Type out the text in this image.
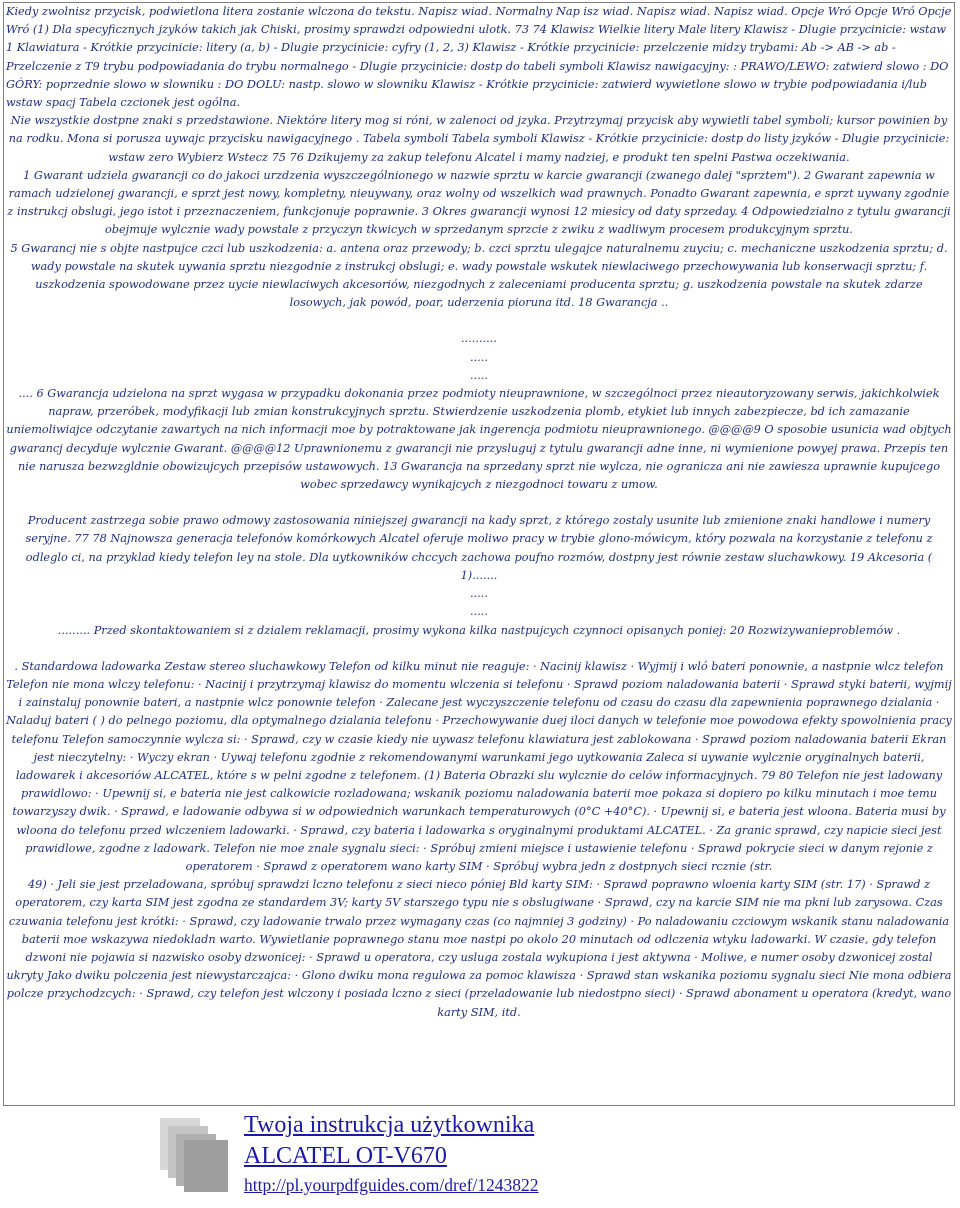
Kiedy zwolnisz przycisk, podwietlona litera zostanie wlczona do tekstu. Napisz wiad. Normalny Nap isz wiad. Napisz wiad. Napisz wiad. Opcje Wró Opcje Wró Opcje Wró (1) Dla specyficznych jzyków takich jak Chiski, prosimy sprawdzi odpowiedni ulotk. 73 74 Klawisz Wielkie litery Male litery Klawisz - Dlugie przycinicie: wstaw 1 Klawiatura - Krótkie przycinicie: litery (a, b) - Dlugie przycinicie: cyfry (1, 2, 3) Klawisz - Krótkie przycinicie: przelczenie midzy trybami: Ab -> AB -> ab - Przelczenie z T9 trybu podpowiadania do trybu normalnego - Dlugie przycinicie: dostp do tabeli symboli Klawisz nawigacyjny: : PRAWO/LEWO: zatwierd slowo : DO GÓRY: poprzednie slowo w slowniku : DO DOLU: nastp. slowo w slowniku Klawisz - Krótkie przycinicie: zatwierd wywietlone slowo w trybie podpowiadania i/lub wstaw spacj Tabela czcionek jest ogólna.

Nie wszystkie dostpne znaki s przedstawione. Niektóre litery mog si róni, w zalenoci od jzyka. Przytrzymaj przycisk aby wywietli tabel symboli; kursor powinien by na rodku. Mona si porusza uywajc przycisku nawigacyjnego . Tabela symboli Tabela symboli Klawisz - Krótkie przycinicie: dostp do listy jzyków - Dlugie przycinicie: wstaw zero Wybierz Wstecz 75 76 Dzikujemy za zakup telefonu Alcatel i mamy nadziej, e produkt ten spelni Pastwa oczekiwania.

1 Gwarant udziela gwarancji co do jakoci urzdzenia wyszczególnionego w nazwie sprztu w karcie gwarancji (zwanego dalej "sprztem"). 2 Gwarant zapewnia w ramach udzielonej gwarancji, e sprzt jest nowy, kompletny, nieuywany, oraz wolny od wszelkich wad prawnych. Ponadto Gwarant zapewnia, e sprzt uywany zgodnie z instrukcj obslugi, jego istot i przeznaczeniem, funkcjonuje poprawnie. 3 Okres gwarancji wynosi 12 miesicy od daty sprzeday. 4 Odpowiedzialno z tytulu gwarancji obejmuje wylcznie wady powstale z przyczyn tkwicych w sprzedanym sprzcie z zwiku z wadliwym procesem produkcyjnym sprztu.

5 Gwarancj nie s objte nastpujce czci lub uszkodzenia: a. antena oraz przewody; b. czci sprztu ulegajce naturalnemu zuyciu; c. mechaniczne uszkodzenia sprztu; d. wady powstale na skutek uywania sprztu niezgodnie z instrukcj obslugi; e. wady powstale wskutek niewlaciwego przechowywania lub konserwacji sprztu; f. uszkodzenia spowodowane przez uycie niewlaciwych akcesoriów, niezgodnych z zaleceniami producenta sprztu; g. uszkodzenia powstale na skutek zdarze losowych, jak powód, poar, uderzenia pioruna itd. 18 Gwarancja ..

..........

.....

.....

.... 6 Gwarancja udzielona na sprzt wygasa w przypadku dokonania przez podmioty nieuprawnione, w szczególnoci przez nieautoryzowany serwis, jakichkolwiek napraw, przeróbek, modyfikacji lub zmian konstrukcyjnych sprztu. Stwierdzenie uszkodzenia plomb, etykiet lub innych zabezpiecze, bd ich zamazanie uniemoliwiajce odczytanie zawartych na nich informacji moe by potraktowane jak ingerencja podmiotu nieuprawnionego. @@@@9 O sposobie usunicia wad objtych gwarancj decyduje wylcznie Gwarant. @@@@12 Uprawnionemu z gwarancji nie przysluguj z tytulu gwarancji adne inne, ni wymienione powyej prawa. Przepis ten nie narusza bezwzgldnie obowizujcych przepisów ustawowych. 13 Gwarancja na sprzedany sprzt nie wylcza, nie ogranicza ani nie zawiesza uprawnie kupujcego wobec sprzedawcy wynikajcych z niezgodnoci towaru z umow.

Producent zastrzega sobie prawo odmowy zastosowania niniejszej gwarancji na kady sprzt, z którego zostaly usunite lub zmienione znaki handlowe i numery seryjne. 77 78 Najnowsza generacja telefonów komórkowych Alcatel oferuje moliwo pracy w trybie glono-mówicym, który pozwala na korzystanie z telefonu z odleglo ci, na przyklad kiedy telefon ley na stole. Dla uytkowników chccych zachowa poufno rozmów, dostpny jest równie zestaw sluchawkowy. 19 Akcesoria ( 1).......

.....

.....

......... Przed skontaktowaniem si z dzialem reklamacji, prosimy wykona kilka nastpujcych czynnoci opisanych poniej: 20 Rozwizywanieproblemów .

. Standardowa ladowarka Zestaw stereo sluchawkowy Telefon od kilku minut nie reaguje: · Nacinij klawisz · Wyjmij i wló bateri ponownie, a nastpnie wlcz telefon Telefon nie mona wlczy telefonu: · Nacinij i przytrzymaj klawisz do momentu wlczenia si telefonu · Sprawd poziom naladowania baterii · Sprawd styki baterii, wyjmij i zainstaluj ponownie bateri, a nastpnie wlcz ponownie telefon · Zalecane jest wyczyszczenie telefonu od czasu do czasu dla zapewnienia poprawnego dzialania · Naladuj bateri ( ) do pelnego poziomu, dla optymalnego dzialania telefonu · Przechowywanie duej iloci danych w telefonie moe powodowa efekty spowolnienia pracy telefonu Telefon samoczynnie wylcza si: · Sprawd, czy w czasie kiedy nie uywasz telefonu klawiatura jest zablokowana · Sprawd poziom naladowania baterii Ekran jest nieczytelny: · Wyczy ekran · Uywaj telefonu zgodnie z rekomendowanymi warunkami jego uytkowania Zaleca si uywanie wylcznie oryginalnych baterii, ladowarek i akcesoriów ALCATEL, które s w pelni zgodne z telefonem. (1) Bateria Obrazki slu wylcznie do celów informacyjnych. 79 80 Telefon nie jest ladowany prawidlowo: · Upewnij si, e bateria nie jest calkowicie rozladowana; wskanik poziomu naladowania baterii moe pokaza si dopiero po kilku minutach i moe temu towarzyszy dwik. · Sprawd, e ladowanie odbywa si w odpowiednich warunkach temperaturowych (0°C +40°C). · Upewnij si, e bateria jest wloona. Bateria musi by wloona do telefonu przed wlczeniem ladowarki. · Sprawd, czy bateria i ladowarka s oryginalnymi produktami ALCATEL. · Za granic sprawd, czy napicie sieci jest prawidlowe, zgodne z ladowark. Telefon nie moe znale sygnalu sieci: · Spróbuj zmieni miejsce i ustawienie telefonu · Sprawd pokrycie sieci w danym rejonie z operatorem · Sprawd z operatorem wano karty SIM · Spróbuj wybra jedn z dostpnych sieci rcznie (str.

49) · Jeli sie jest przeladowana, spróbuj sprawdzi lczno telefonu z sieci nieco póniej Bld karty SIM: · Sprawd poprawno wloenia karty SIM (str. 17) · Sprawd z operatorem, czy karta SIM jest zgodna ze standardem 3V; karty 5V starszego typu nie s obslugiwane · Sprawd, czy na karcie SIM nie ma pkni lub zarysowa. Czas czuwania telefonu jest krótki: · Sprawd, czy ladowanie trwalo przez wymagany czas (co najmniej 3 godziny) · Po naladowaniu czciowym wskanik stanu naladowania baterii moe wskazywa niedokladn warto. Wywietlanie poprawnego stanu moe nastpi po okolo 20 minutach od odlczenia wtyku ladowarki. W czasie, gdy telefon dzwoni nie pojawia si nazwisko osoby dzwonicej: · Sprawd u operatora, czy usluga zostala wykupiona i jest aktywna · Moliwe, e numer osoby dzwonicej zostal ukryty Jako dwiku polczenia jest niewystarczajca: · Glono dwiku mona regulowa za pomoc klawisza · Sprawd stan wskanika poziomu sygnalu sieci Nie mona odbiera polcze przychodzcych: · Sprawd, czy telefon jest wlczony i posiada lczno z sieci (przeladowanie lub niedostpno sieci) · Sprawd abonament u operatora (kredyt, wano karty SIM, itd.

Twoja instrukcja użytkownika
ALCATEL OT-V670
http://pl.yourpdfguides.com/dref/1243822
